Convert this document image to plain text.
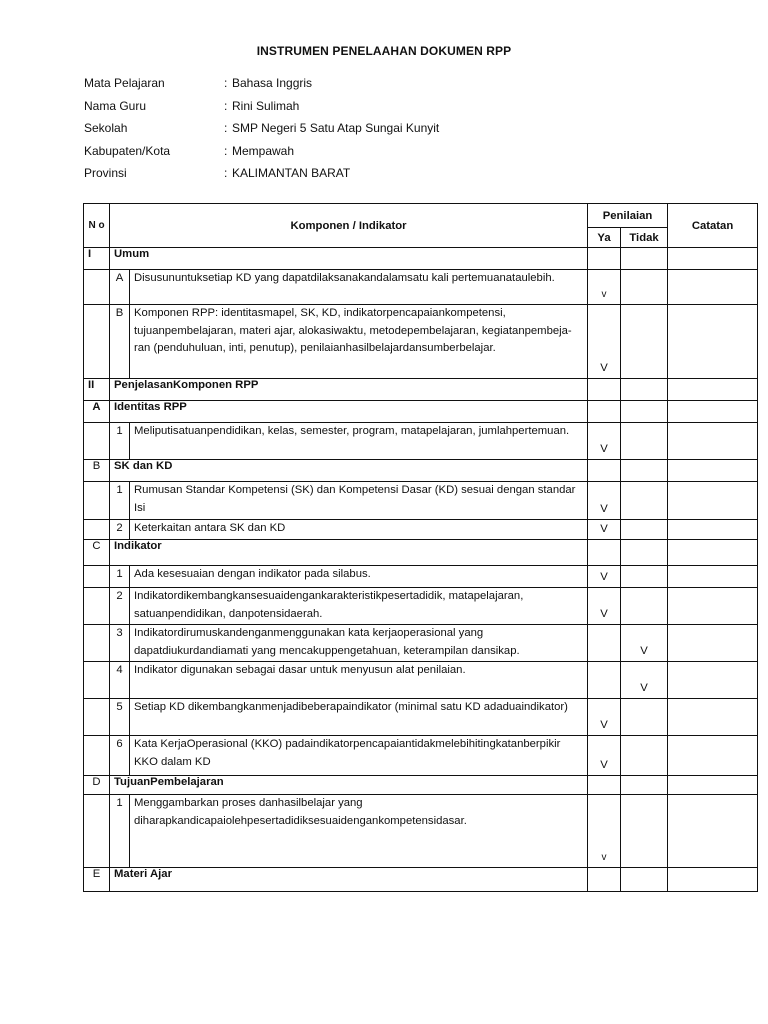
INSTRUMEN PENELAAHAN DOKUMEN RPP
Mata Pelajaran	: Bahasa Inggris
Nama Guru	: Rini Sulimah
Sekolah	: SMP Negeri 5 Satu Atap Sungai Kunyit
Kabupaten/Kota	: Mempawah
Provinsi	: KALIMANTAN BARAT
N o	Komponen / Indikator		Penilaian		Catatan
			Ya	Tidak	
I	Umum				
	A	Disusununtuksetiap KD yang dapatdilaksanakandalamsatu kali pertemuanataulebih.	v		
	B	Komponen RPP: identitasmapel, SK, KD, indikatorpencapaiankompetensi, tujuanpembelajaran, materi ajar, alokasiwaktu, metodepembelajaran, kegiatanpembeja-ran (penduhuluan, inti, penutup), penilaianhasilbelajardansumberbelajar.	V		
II	PenjelasanKomponen RPP				
A	Identitas RPP				
	1	Meliputisatuanpendidikan, kelas, semester, program, matapelajaran, jumlahpertemuan.	V		
B	SK dan KD				
	1	Rumusan Standar Kompetensi (SK) dan Kompetensi Dasar (KD) sesuai dengan standar Isi	V		
	2	Keterkaitan antara SK dan KD	V		
C	Indikator				
	1	Ada kesesuaian dengan indikator pada silabus.	V		
	2	Indikatordikembangkansesuaidengankarakteristikpesertadidik, matapelajaran, satuanpendidikan, danpotensidaerah.	V		
	3	Indikatordirumuskandenganmenggunakan kata kerjaoperasional yang dapatdiukurdandiamati yang mencakuppengetahuan, keterampilan dansikap.		V	
	4	Indikator digunakan sebagai dasar untuk menyusun alat penilaian.		V	
	5	Setiap KD dikembangkanmenjadibeberapaindikator (minimal satu KD adaduaindikator)	V		
	6	Kata KerjaOperasional (KKO) padaindikatorpencapaiantidakmelebihitingkatanberpikir KKO dalam KD	V		
D	TujuanPembelajaran				
	1	Menggambarkan proses danhasilbelajar yang diharapkandicapaiolehpesertadidiksesuaidengankompetensidasar.	v		
E	Materi Ajar				
